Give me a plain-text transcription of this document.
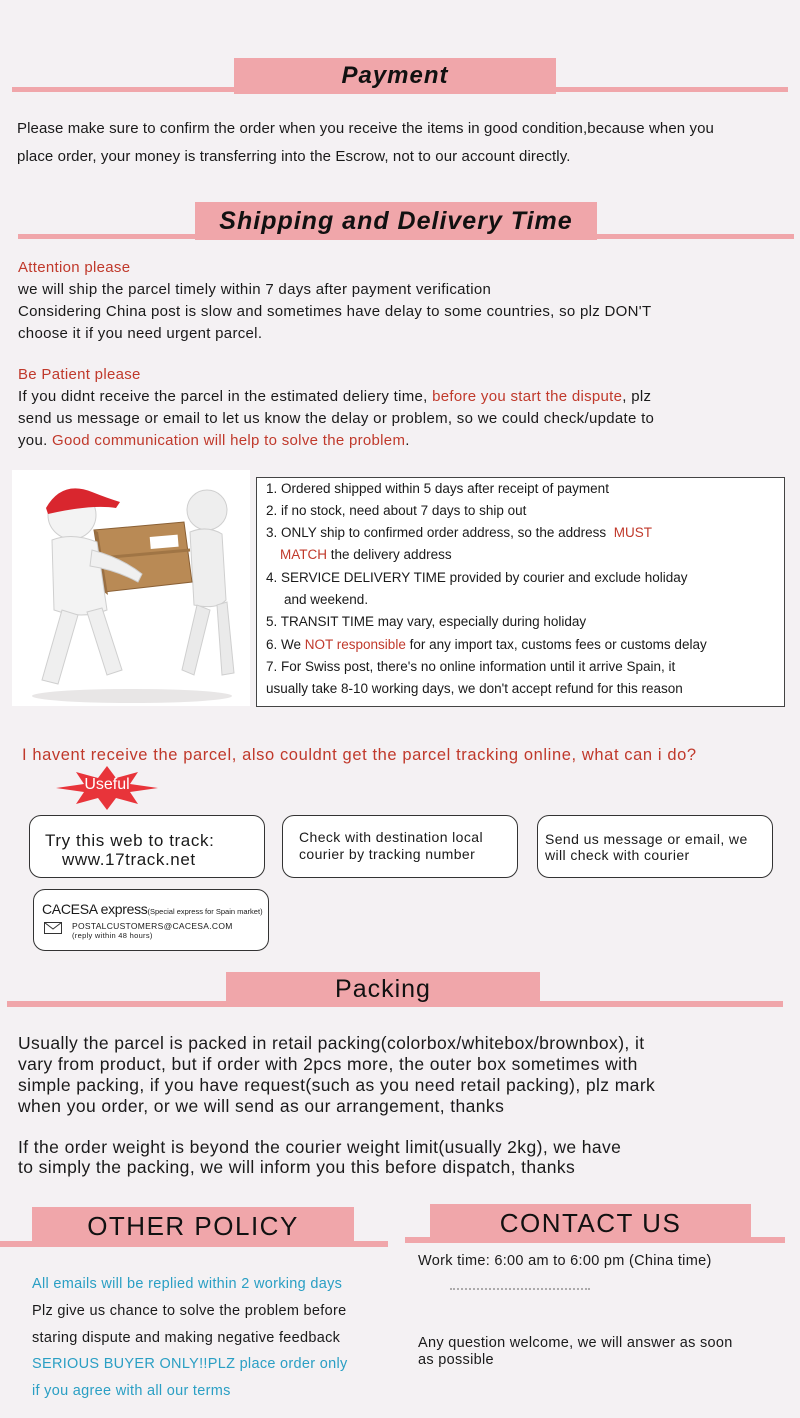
Payment
Please make sure to confirm the order when you receive the items in good condition,because when you
place order, your money is transferring into the Escrow, not to our account directly.
Shipping and Delivery Time
Attention please
we will ship the parcel timely within 7 days after payment verification
Considering China post is slow and sometimes have delay to some countries, so plz DON'T
choose it if you need urgent parcel.
Be Patient please
If you didnt receive the parcel in the estimated deliery time, before you start the dispute, plz
send us message or email to let us know the delay or problem, so we could check/update to
you. Good communication will help to solve the problem.
1. Ordered shipped within 5 days after receipt of payment
2. if no stock, need about 7 days to ship out
3. ONLY ship to confirmed order address, so the address MUST
MATCH the delivery address
4. SERVICE DELIVERY TIME provided by courier and exclude holiday
and weekend.
5. TRANSIT TIME may vary, especially during holiday
6. We NOT responsible for any import tax, customs fees or customs delay
7. For Swiss post, there's no online information until it arrive Spain, it
usually take 8-10 working days, we don't accept refund for this reason
I havent receive the parcel, also couldnt get the parcel tracking online, what can i do?
Useful
Try this web to track:
www.17track.net
Check with destination local
courier by tracking number
Send us message or email, we
will check with courier
CACESA express(Special express for Spain market)
POSTALCUSTOMERS@CACESA.COM
(reply within 48 hours)
Packing
Usually the parcel is packed in retail packing(colorbox/whitebox/brownbox), it
vary from product, but if order with 2pcs more, the outer box sometimes with
simple packing, if you have request(such as you need retail packing), plz mark
when you order, or we will send as our arrangement, thanks
If the order weight is beyond the courier weight limit(usually 2kg), we have
to simply the packing, we will inform you this before dispatch, thanks
OTHER POLICY
All emails will be replied within 2 working days
Plz give us chance to solve the problem before
staring dispute and making negative feedback
SERIOUS BUYER ONLY!!PLZ place order only
if you agree with all our terms
CONTACT US
Work time: 6:00 am to 6:00 pm (China time)
Any question welcome, we will answer as soon
as possible
